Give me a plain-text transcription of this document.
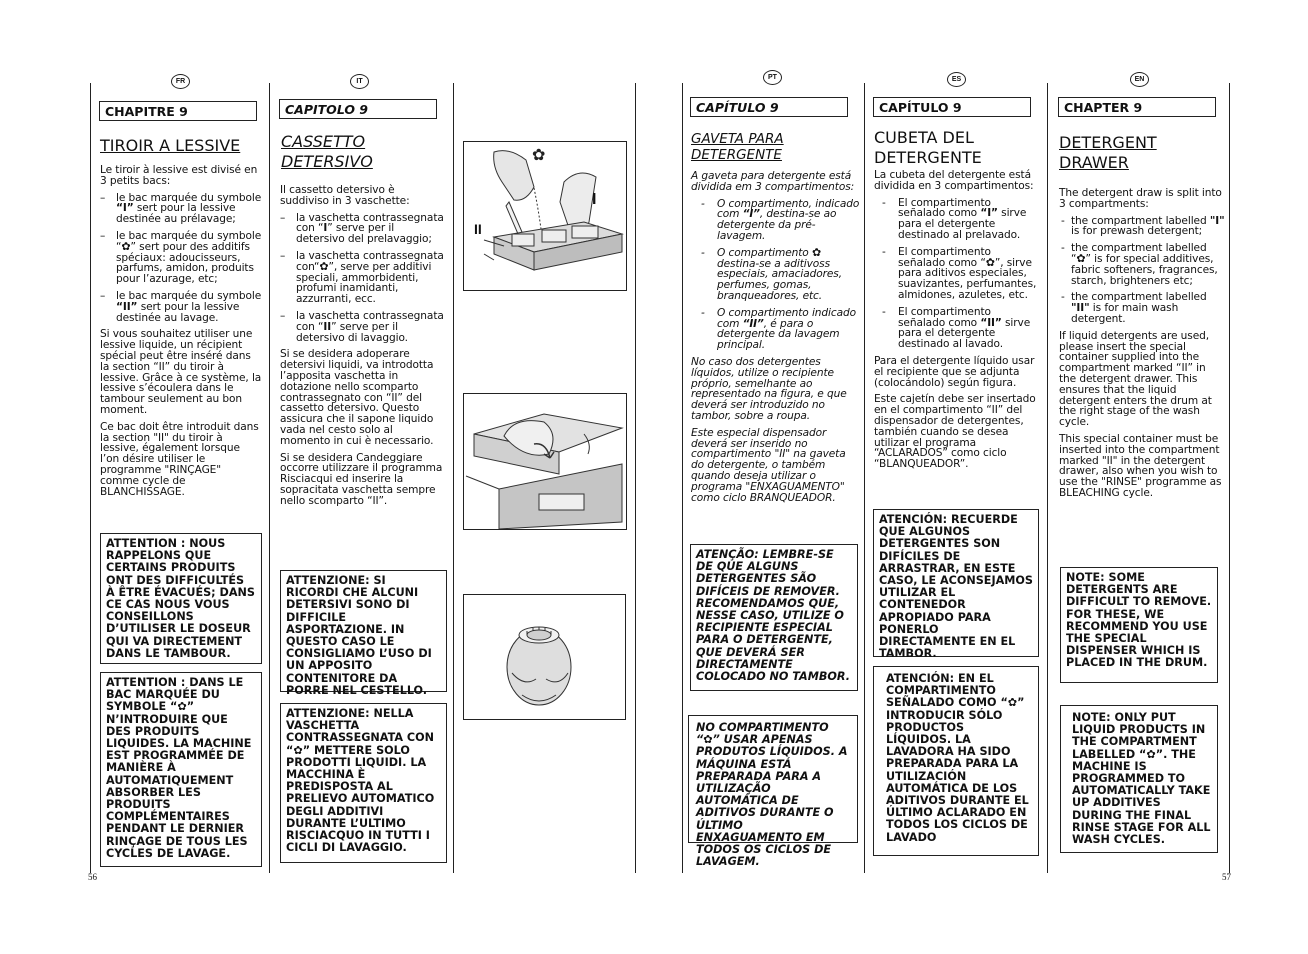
FR
CHAPITRE 9
TIROIR A LESSIVE

Le tiroir à lessive est divisé en 3 petits bacs:

– le bac marquée du symbole “I” sert pour la lessive destinée au prélavage;
– le bac marquée du symbole “✿” sert pour des additifs spéciaux: adoucisseurs, parfums, amidon, produits pour l’azurage, etc;
– le bac marquée du symbole “II” sert pour la lessive destinée au lavage.

Si vous souhaitez utiliser une lessive liquide, un récipient spécial peut être inséré dans la section “II” du tiroir à lessive. Grâce à ce système, la lessive s’écoulera dans le tambour seulement au bon moment.

Ce bac doit être introduit dans la section "II" du tiroir à lessive, également lorsque l’on désire utiliser le programme "RINÇAGE" comme cycle de BLANCHISSAGE.

ATTENTION : NOUS RAPPELONS QUE CERTAINS PRODUITS ONT DES DIFFICULTÉS À ÊTRE ÉVACUÉS; DANS CE CAS NOUS VOUS CONSEILLONS D’UTILISER LE DOSEUR QUI VA DIRECTEMENT DANS LE TAMBOUR.
ATTENTION : DANS LE BAC MARQUÉE DU SYMBOLE “✿” N’INTRODUIRE QUE DES PRODUITS LIQUIDES. LA MACHINE EST PROGRAMMÉE DE MANIÈRE À AUTOMATIQUEMENT ABSORBER LES PRODUITS COMPLÉMENTAIRES PENDANT LE DERNIER RINÇAGE DE TOUS LES CYCLES DE LAVAGE.
56
IT
CAPITOLO 9
CASSETTO DETERSIVO

Il cassetto detersivo è suddiviso in 3 vaschette:

– la vaschetta contrassegnata con “I” serve per il detersivo del prelavaggio;
– la vaschetta contrassegnata con“✿”, serve per additivi speciali, ammorbidenti, profumi inamidanti, azzurranti, ecc.
– la vaschetta contrassegnata con “II” serve per il detersivo di lavaggio.

Si se desidera adoperare detersivi liquidi, va introdotta l’apposita vaschetta in dotazione nello scomparto contrassegnato con “II” del cassetto detersivo. Questo assicura che il sapone liquido vada nel cesto solo al momento in cui è necessario.

Si se desidera Candeggiare occorre utilizzare il programma Risciacqui ed inserire la sopracitata vaschetta sempre nello scomparto “II”.

ATTENZIONE: SI RICORDI CHE ALCUNI DETERSIVI SONO DI DIFFICILE ASPORTAZIONE. IN QUESTO CASO LE CONSIGLIAMO L’USO DI UN APPOSITO CONTENITORE DA PORRE NEL CESTELLO.
ATTENZIONE: NELLA VASCHETTA CONTRASSEGNATA CON “✿” METTERE SOLO PRODOTTI LIQUIDI. LA MACCHINA È PREDISPOSTA AL PRELIEVO AUTOMATICO DEGLI ADDITIVI DURANTE L’ULTIMO RISCIACQUO IN TUTTI I CICLI DI LAVAGGIO.
✿
I
II
PT
CAPÍTULO 9
GAVETA PARA DETERGENTE

A gaveta para detergente está dividida em 3 compartimentos:

- O compartimento, indicado com “I”, destina-se ao detergente da pré-lavagem.
- O compartimento ✿ destina-se a aditivoss especiais, amaciadores, perfumes, gomas, branqueadores, etc.
- O compartimento indicado com “II”, é para o detergente da lavagem principal.

No caso dos detergentes líquidos, utilize o recipiente próprio, semelhante ao representado na figura, e que deverá ser introduzido no tambor, sobre a roupa.

Este especial dispensador deverá ser inserido no compartimento "II" na gaveta do detergente, o também quando deseja utilizar o programa "ENXAGUAMENTO" como ciclo BRANQUEADOR.

ATENÇÃO: LEMBRE-SE DE QUE ALGUNS DETERGENTES SÃO DIFÍCEIS DE REMOVER. RECOMENDAMOS QUE, NESSE CASO, UTILIZE O RECIPIENTE ESPECIAL PARA O DETERGENTE, QUE DEVERÁ SER DIRECTAMENTE COLOCADO NO TAMBOR.
NO COMPARTIMENTO “✿” USAR APENAS PRODUTOS LÍQUIDOS. A MÁQUINA ESTÁ PREPARADA PARA A UTILIZAÇÃO AUTOMÁTICA DE ADITIVOS DURANTE O ÚLTIMO ENXAGUAMENTO EM TODOS OS CICLOS DE LAVAGEM.
ES
CAPÍTULO 9
CUBETA DEL DETERGENTE

La cubeta del detergente está dividida en 3 compartimentos:

- El compartimento señalado como “I” sirve para el detergente destinado al prelavado.
- El compartimento señalado como “✿”, sirve para aditivos especiales, suavizantes, perfumantes, almidones, azuletes, etc.
- El compartimento señalado como “II” sirve para el detergente destinado al lavado.

Para el detergente líquido usar el recipiente que se adjunta (colocándolo) según figura.

Este cajetín debe ser insertado en el compartimento “II” del dispensador de detergentes, también cuando se desea utilizar el programa “ACLARADOS” como ciclo “BLANQUEADOR”.

ATENCIÓN: RECUERDE QUE ALGUNOS DETERGENTES SON DIFÍCILES DE ARRASTRAR, EN ESTE CASO, LE ACONSEJAMOS UTILIZAR EL CONTENEDOR APROPIADO PARA PONERLO DIRECTAMENTE EN EL TAMBOR.
ATENCIÓN: EN EL COMPARTIMENTO SEÑALADO COMO “✿” INTRODUCIR SÓLO PRODUCTOS LÍQUIDOS. LA LAVADORA HA SIDO PREPARADA PARA LA UTILIZACIÓN AUTOMÁTICA DE LOS ADITIVOS DURANTE EL ÚLTIMO ACLARADO EN TODOS LOS CICLOS DE LAVADO
EN
CHAPTER 9
DETERGENT DRAWER

The detergent draw is split into 3 compartments:

- the compartment labelled "I" is for prewash detergent;
- the compartment labelled “✿” is for special additives, fabric softeners, fragrances, starch, brighteners etc;
- the compartment labelled "II" is for main wash detergent.

If liquid detergents are used, please insert the special container supplied into the compartment marked “II” in the detergent drawer. This ensures that the liquid detergent enters the drum at the right stage of the wash cycle.

This special container must be inserted into the compartment marked "II" in the detergent drawer, also when you wish to use the "RINSE" programme as BLEACHING cycle.

NOTE: SOME DETERGENTS ARE DIFFICULT TO REMOVE. FOR THESE, WE RECOMMEND YOU USE THE SPECIAL DISPENSER WHICH IS PLACED IN THE DRUM.
NOTE: ONLY PUT LIQUID PRODUCTS IN THE COMPARTMENT LABELLED “✿”. THE MACHINE IS PROGRAMMED TO AUTOMATICALLY TAKE UP ADDITIVES DURING THE FINAL RINSE STAGE FOR ALL WASH CYCLES.
57
